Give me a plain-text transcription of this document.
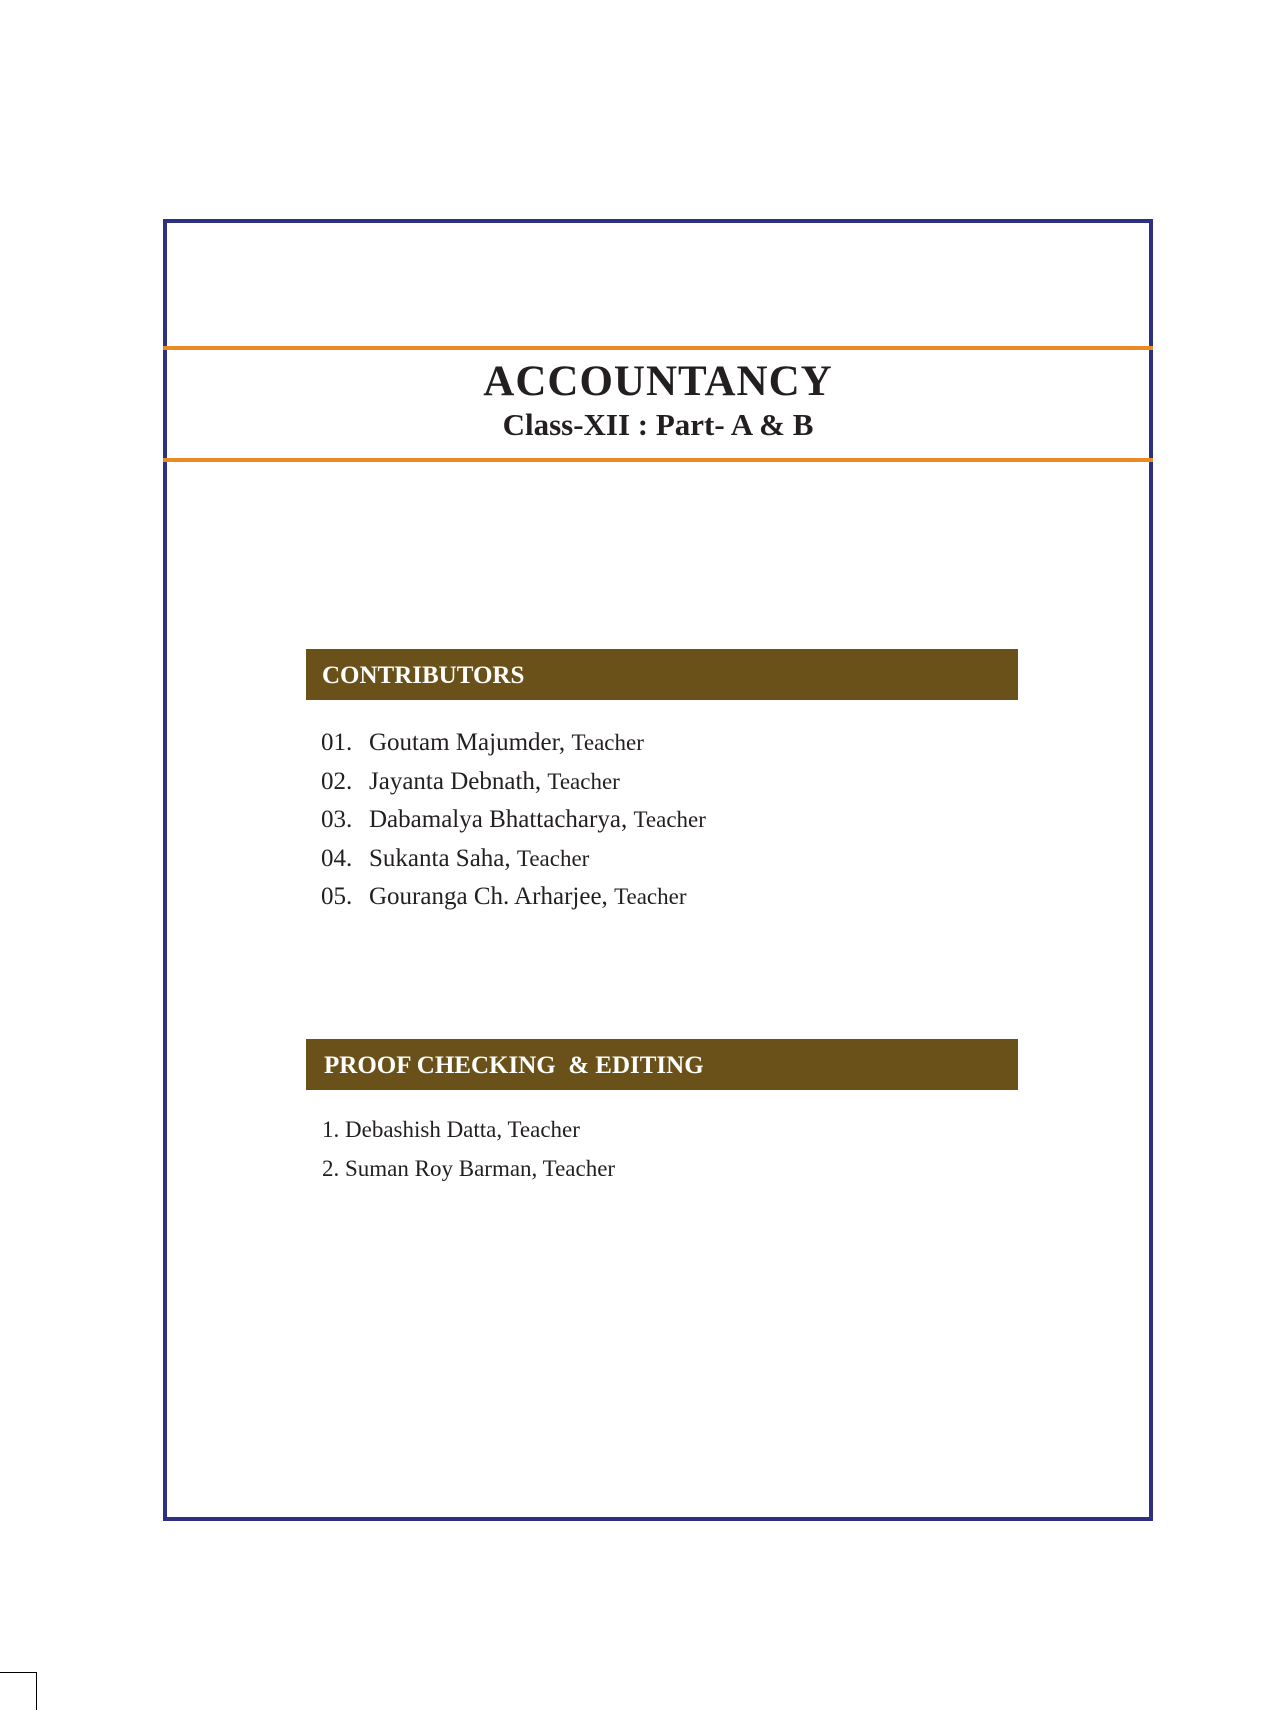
ACCOUNTANCY
Class-XII : Part- A & B
CONTRIBUTORS
01. Goutam Majumder, Teacher
02. Jayanta Debnath, Teacher
03. Dabamalya Bhattacharya, Teacher
04. Sukanta Saha, Teacher
05. Gouranga Ch. Arharjee, Teacher
PROOF CHECKING  & EDITING
1. Debashish Datta, Teacher
2. Suman Roy Barman, Teacher
